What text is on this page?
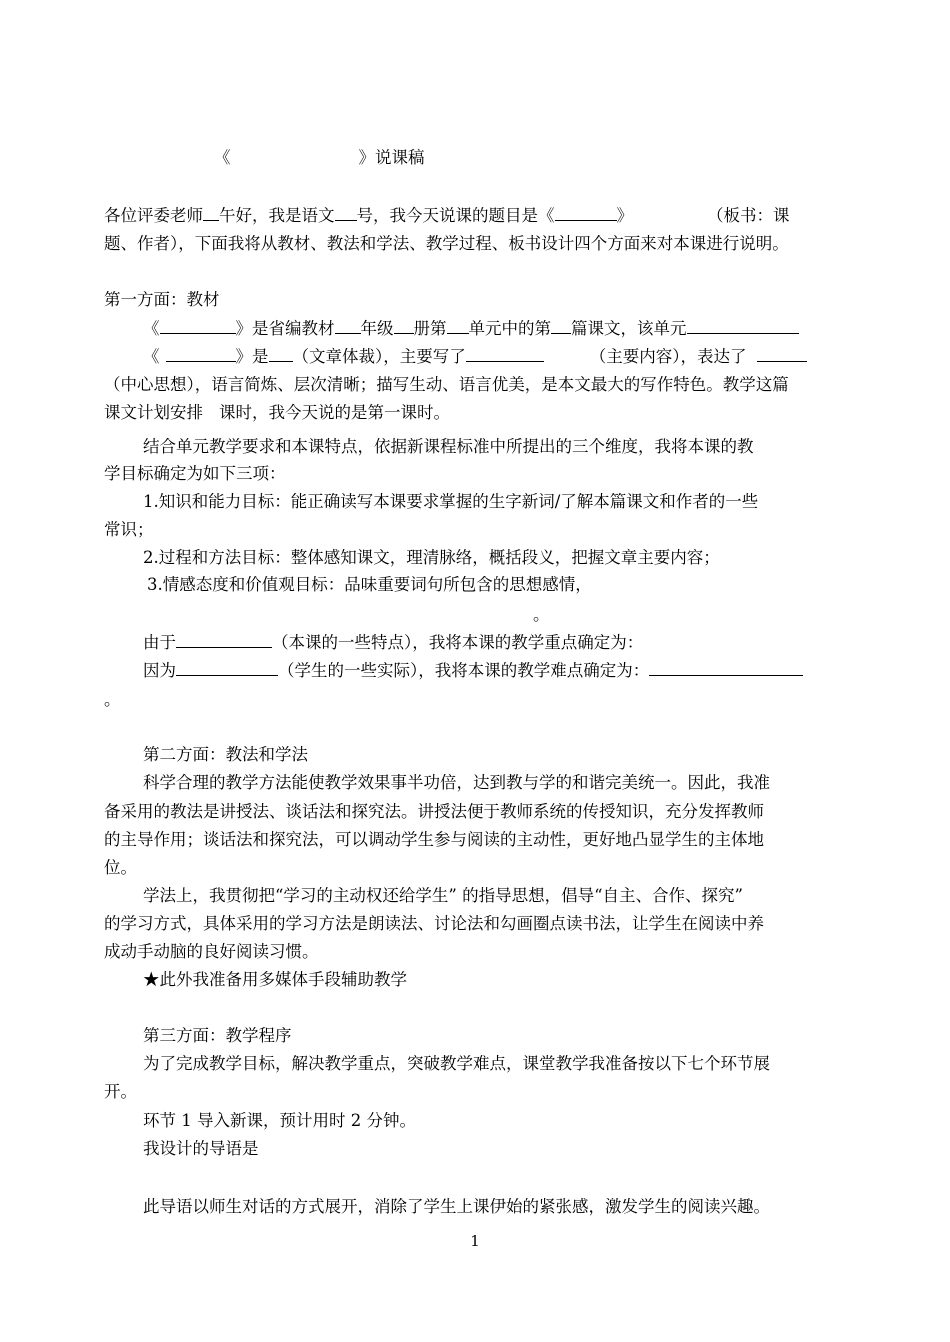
《	》说课稿
各位评委老师 午好，我是语文 号，我今天说课的题目是《	》	（板书：课
题、作者），下面我将从教材、教法和学法、教学过程、板书设计四个方面来对本课进行说明。
第一方面：教材
《	》是省编教材 年级 册第 单元中的第 篇课文，该单元
《	》是 （文章体裁），主要写了	（主要内容），表达了
（中心思想），语言简炼、层次清晰；描写生动、语言优美，是本文最大的写作特色。教学这篇
课文计划安排 课时，我今天说的是第一课时。
结合单元教学要求和本课特点，依据新课程标准中所提出的三个维度，我将本课的教
学目标确定为如下三项：
1.知识和能力目标：能正确读写本课要求掌握的生字新词/了解本篇课文和作者的一些
常识；
2.过程和方法目标：整体感知课文，理清脉络，概括段义，把握文章主要内容；
3.情感态度和价值观目标：品味重要词句所包含的思想感情，
。
由于	（本课的一些特点），我将本课的教学重点确定为：
因为	（学生的一些实际），我将本课的教学难点确定为：
。
第二方面：教法和学法
科学合理的教学方法能使教学效果事半功倍，达到教与学的和谐完美统一。因此，我准
备采用的教法是讲授法、谈话法和探究法。讲授法便于教师系统的传授知识，充分发挥教师
的主导作用；谈话法和探究法，可以调动学生参与阅读的主动性，更好地凸显学生的主体地
位。
学法上，我贯彻把“学习的主动权还给学生” 的指导思想，倡导“自主、合作、探究”
的学习方式，具体采用的学习方法是朗读法、讨论法和勾画圈点读书法，让学生在阅读中养
成动手动脑的良好阅读习惯。
★此外我准备用多媒体手段辅助教学
第三方面：教学程序
为了完成教学目标，解决教学重点，突破教学难点，课堂教学我准备按以下七个环节展
开。
环节 1 导入新课，预计用时 2 分钟。
我设计的导语是
此导语以师生对话的方式展开，消除了学生上课伊始的紧张感，激发学生的阅读兴趣。
1
